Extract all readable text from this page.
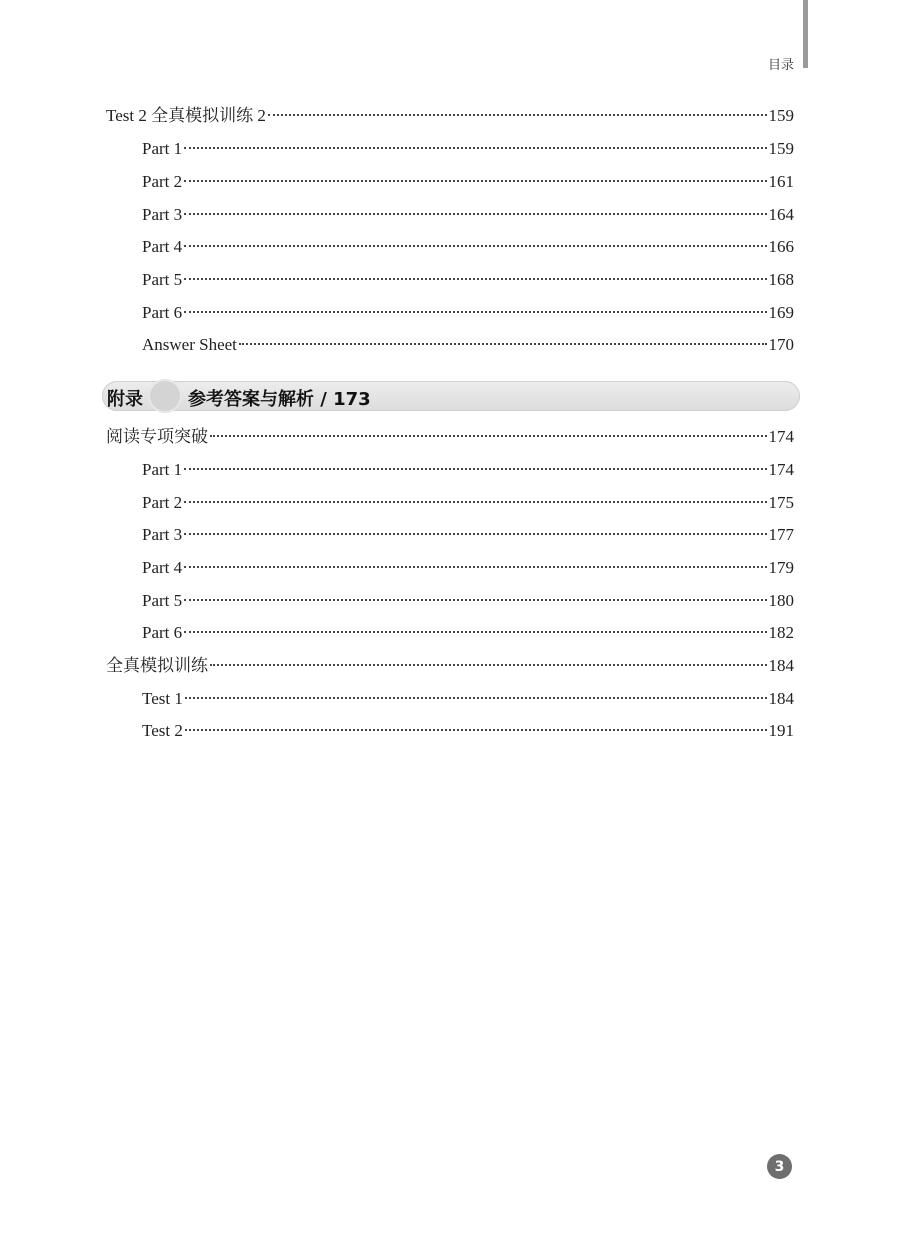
目录
Test 2 全真模拟训练 2	159
Part 1	159
Part 2	161
Part 3	164
Part 4	166
Part 5	168
Part 6	169
Answer Sheet	170
附录	参考答案与解析 / 173
阅读专项突破	174
Part 1	174
Part 2	175
Part 3	177
Part 4	179
Part 5	180
Part 6	182
全真模拟训练	184
Test 1	184
Test 2	191
3
